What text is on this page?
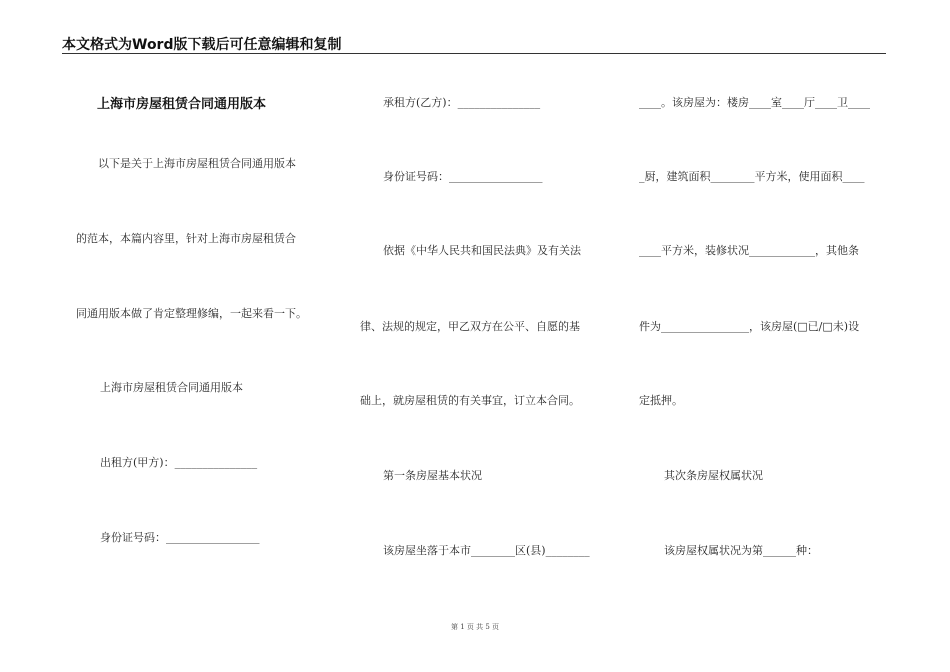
本文格式为Word版下载后可任意编辑和复制
上海市房屋租赁合同通用版本
以下是关于上海市房屋租赁合同通用版本
的范本，本篇内容里，针对上海市房屋租赁合
同通用版本做了肯定整理修编，一起来看一下。
上海市房屋租赁合同通用版本
出租方(甲方)：_______________
身份证号码：_________________
承租方(乙方)：_______________
身份证号码：_________________
依据《中华人民共和国民法典》及有关法
律、法规的规定，甲乙双方在公平、自愿的基
础上，就房屋租赁的有关事宜，订立本合同。
第一条房屋基本状况
该房屋坐落于本市________区(县)________
____。该房屋为：楼房____室____厅____卫____
_厨，建筑面积________平方米，使用面积____
____平方米，装修状况____________，其他条
件为________________，该房屋(□已/□未)设
定抵押。
其次条房屋权属状况
该房屋权属状况为第______种：
第 1 页 共 5 页
